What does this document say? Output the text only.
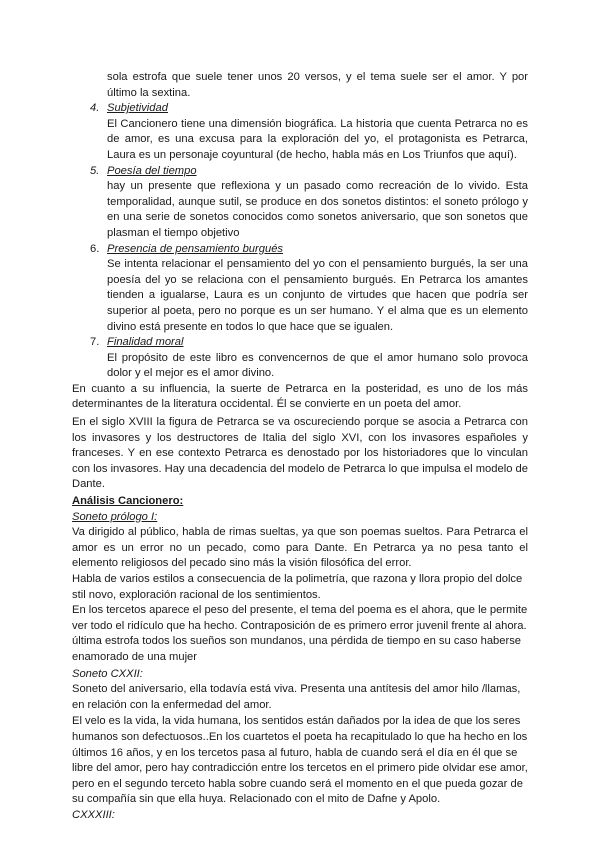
sola estrofa que suele tener unos 20 versos, y el tema suele ser el amor. Y por último la sextina.

4. Subjetividad

El Cancionero tiene una dimensión biográfica. La historia que cuenta Petrarca no es de amor, es una excusa para la exploración del yo, el protagonista es Petrarca, Laura es un personaje coyuntural (de hecho, habla más en Los Triunfos que aquí).

5. Poesía del tiempo

hay un presente que reflexiona y un pasado como recreación de lo vivido. Esta temporalidad, aunque sutil, se produce en dos sonetos distintos: el soneto prólogo y en una serie de sonetos conocidos como sonetos aniversario, que son sonetos que plasman el tiempo objetivo

6. Presencia de pensamiento burgués

Se intenta relacionar el pensamiento del yo con el pensamiento burgués, la ser una poesía del yo se relaciona con el pensamiento burgués. En Petrarca los amantes tienden a igualarse, Laura es un conjunto de virtudes que hacen que podría ser superior al poeta, pero no porque es un ser humano. Y el alma que es un elemento divino está presente en todos lo que hace que se igualen.

7. Finalidad moral

El propósito de este libro es convencernos de que el amor humano solo provoca dolor y el mejor es el amor divino.

En cuanto a su influencia, la suerte de Petrarca en la posteridad, es uno de los más determinantes de la literatura occidental. Él se convierte en un poeta del amor.

En el siglo XVIII la figura de Petrarca se va oscureciendo porque se asocia a Petrarca con los invasores y los destructores de Italia del siglo XVI, con los invasores españoles y franceses. Y en ese contexto Petrarca es denostado por los historiadores que lo vinculan con los invasores. Hay una decadencia del modelo de Petrarca lo que impulsa el modelo de Dante.

Análisis Cancionero:

Soneto prólogo I:

Va dirigido al público, habla de rimas sueltas, ya que son poemas sueltos. Para Petrarca el amor es un error no un pecado, como para Dante. En Petrarca ya no pesa tanto el elemento religiosos del pecado sino más la visión filosófica del error.

Habla de varios estilos a consecuencia de la polimetría, que razona y llora propio del dolce stil novo, exploración racional de los sentimientos.

En los tercetos aparece el peso del presente, el tema del poema es el ahora, que le permite ver todo el ridículo que ha hecho. Contraposición de es primero error juvenil frente al ahora.

última estrofa todos los sueños son mundanos, una pérdida de tiempo en su caso haberse enamorado de una mujer

Soneto CXXII:

Soneto del aniversario, ella todavía está viva. Presenta una antítesis del amor hilo /llamas, en relación con la enfermedad del amor.

El velo es la vida, la vida humana, los sentidos están dañados por la idea de que los seres humanos son defectuosos..En los cuartetos el poeta ha recapitulado lo que ha hecho en los últimos 16 años, y en los tercetos pasa al futuro, habla de cuando será el día en él que se libre del amor, pero hay contradicción entre los tercetos en el primero pide olvidar ese amor, pero en el segundo terceto habla sobre cuando será el momento en el que pueda gozar de su compañía sin que ella huya. Relacionado con el mito de Dafne y Apolo.

CXXXIII:
